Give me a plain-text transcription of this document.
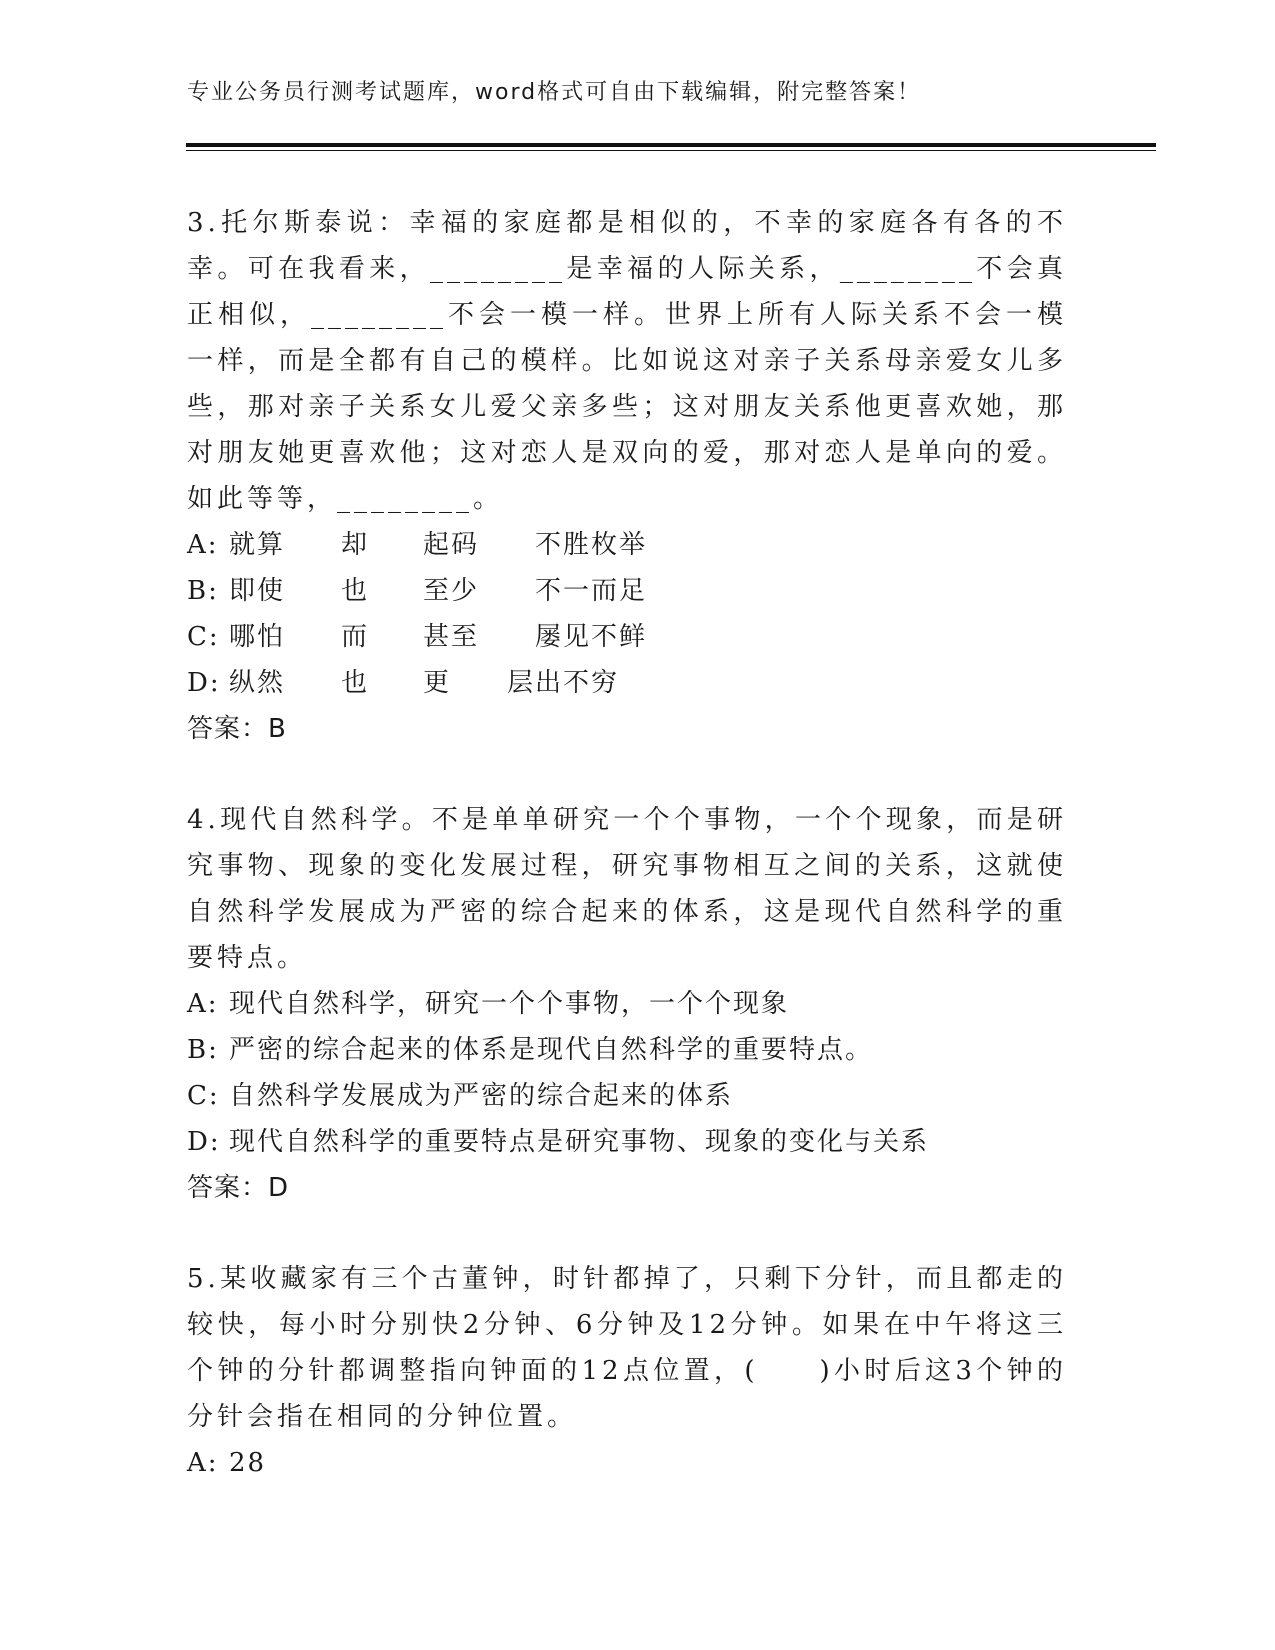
专业公务员行测考试题库，word格式可自由下载编辑，附完整答案！

3.托尔斯泰说：幸福的家庭都是相似的，不幸的家庭各有各的不幸。可在我看来，________是幸福的人际关系，________不会真正相似，________不会一模一样。世界上所有人际关系不会一模一样，而是全都有自己的模样。比如说这对亲子关系母亲爱女儿多些，那对亲子关系女儿爱父亲多些；这对朋友关系他更喜欢她，那对朋友她更喜欢他；这对恋人是双向的爱，那对恋人是单向的爱。如此等等，________。

A: 就算 却 起码 不胜枚举
B: 即使 也 至少 不一而足
C: 哪怕 而 甚至 屡见不鲜
D: 纵然 也 更 层出不穷

答案：B

4.现代自然科学。不是单单研究一个个事物，一个个现象，而是研究事物、现象的变化发展过程，研究事物相互之间的关系，这就使自然科学发展成为严密的综合起来的体系，这是现代自然科学的重要特点。

A: 现代自然科学，研究一个个事物，一个个现象
B: 严密的综合起来的体系是现代自然科学的重要特点。
C: 自然科学发展成为严密的综合起来的体系
D: 现代自然科学的重要特点是研究事物、现象的变化与关系

答案：D

5.某收藏家有三个古董钟，时针都掉了，只剩下分针，而且都走的较快，每小时分别快2分钟、6分钟及12分钟。如果在中午将这三个钟的分针都调整指向钟面的12点位置，(　　)小时后这3个钟的分针会指在相同的分钟位置。

A: 28
